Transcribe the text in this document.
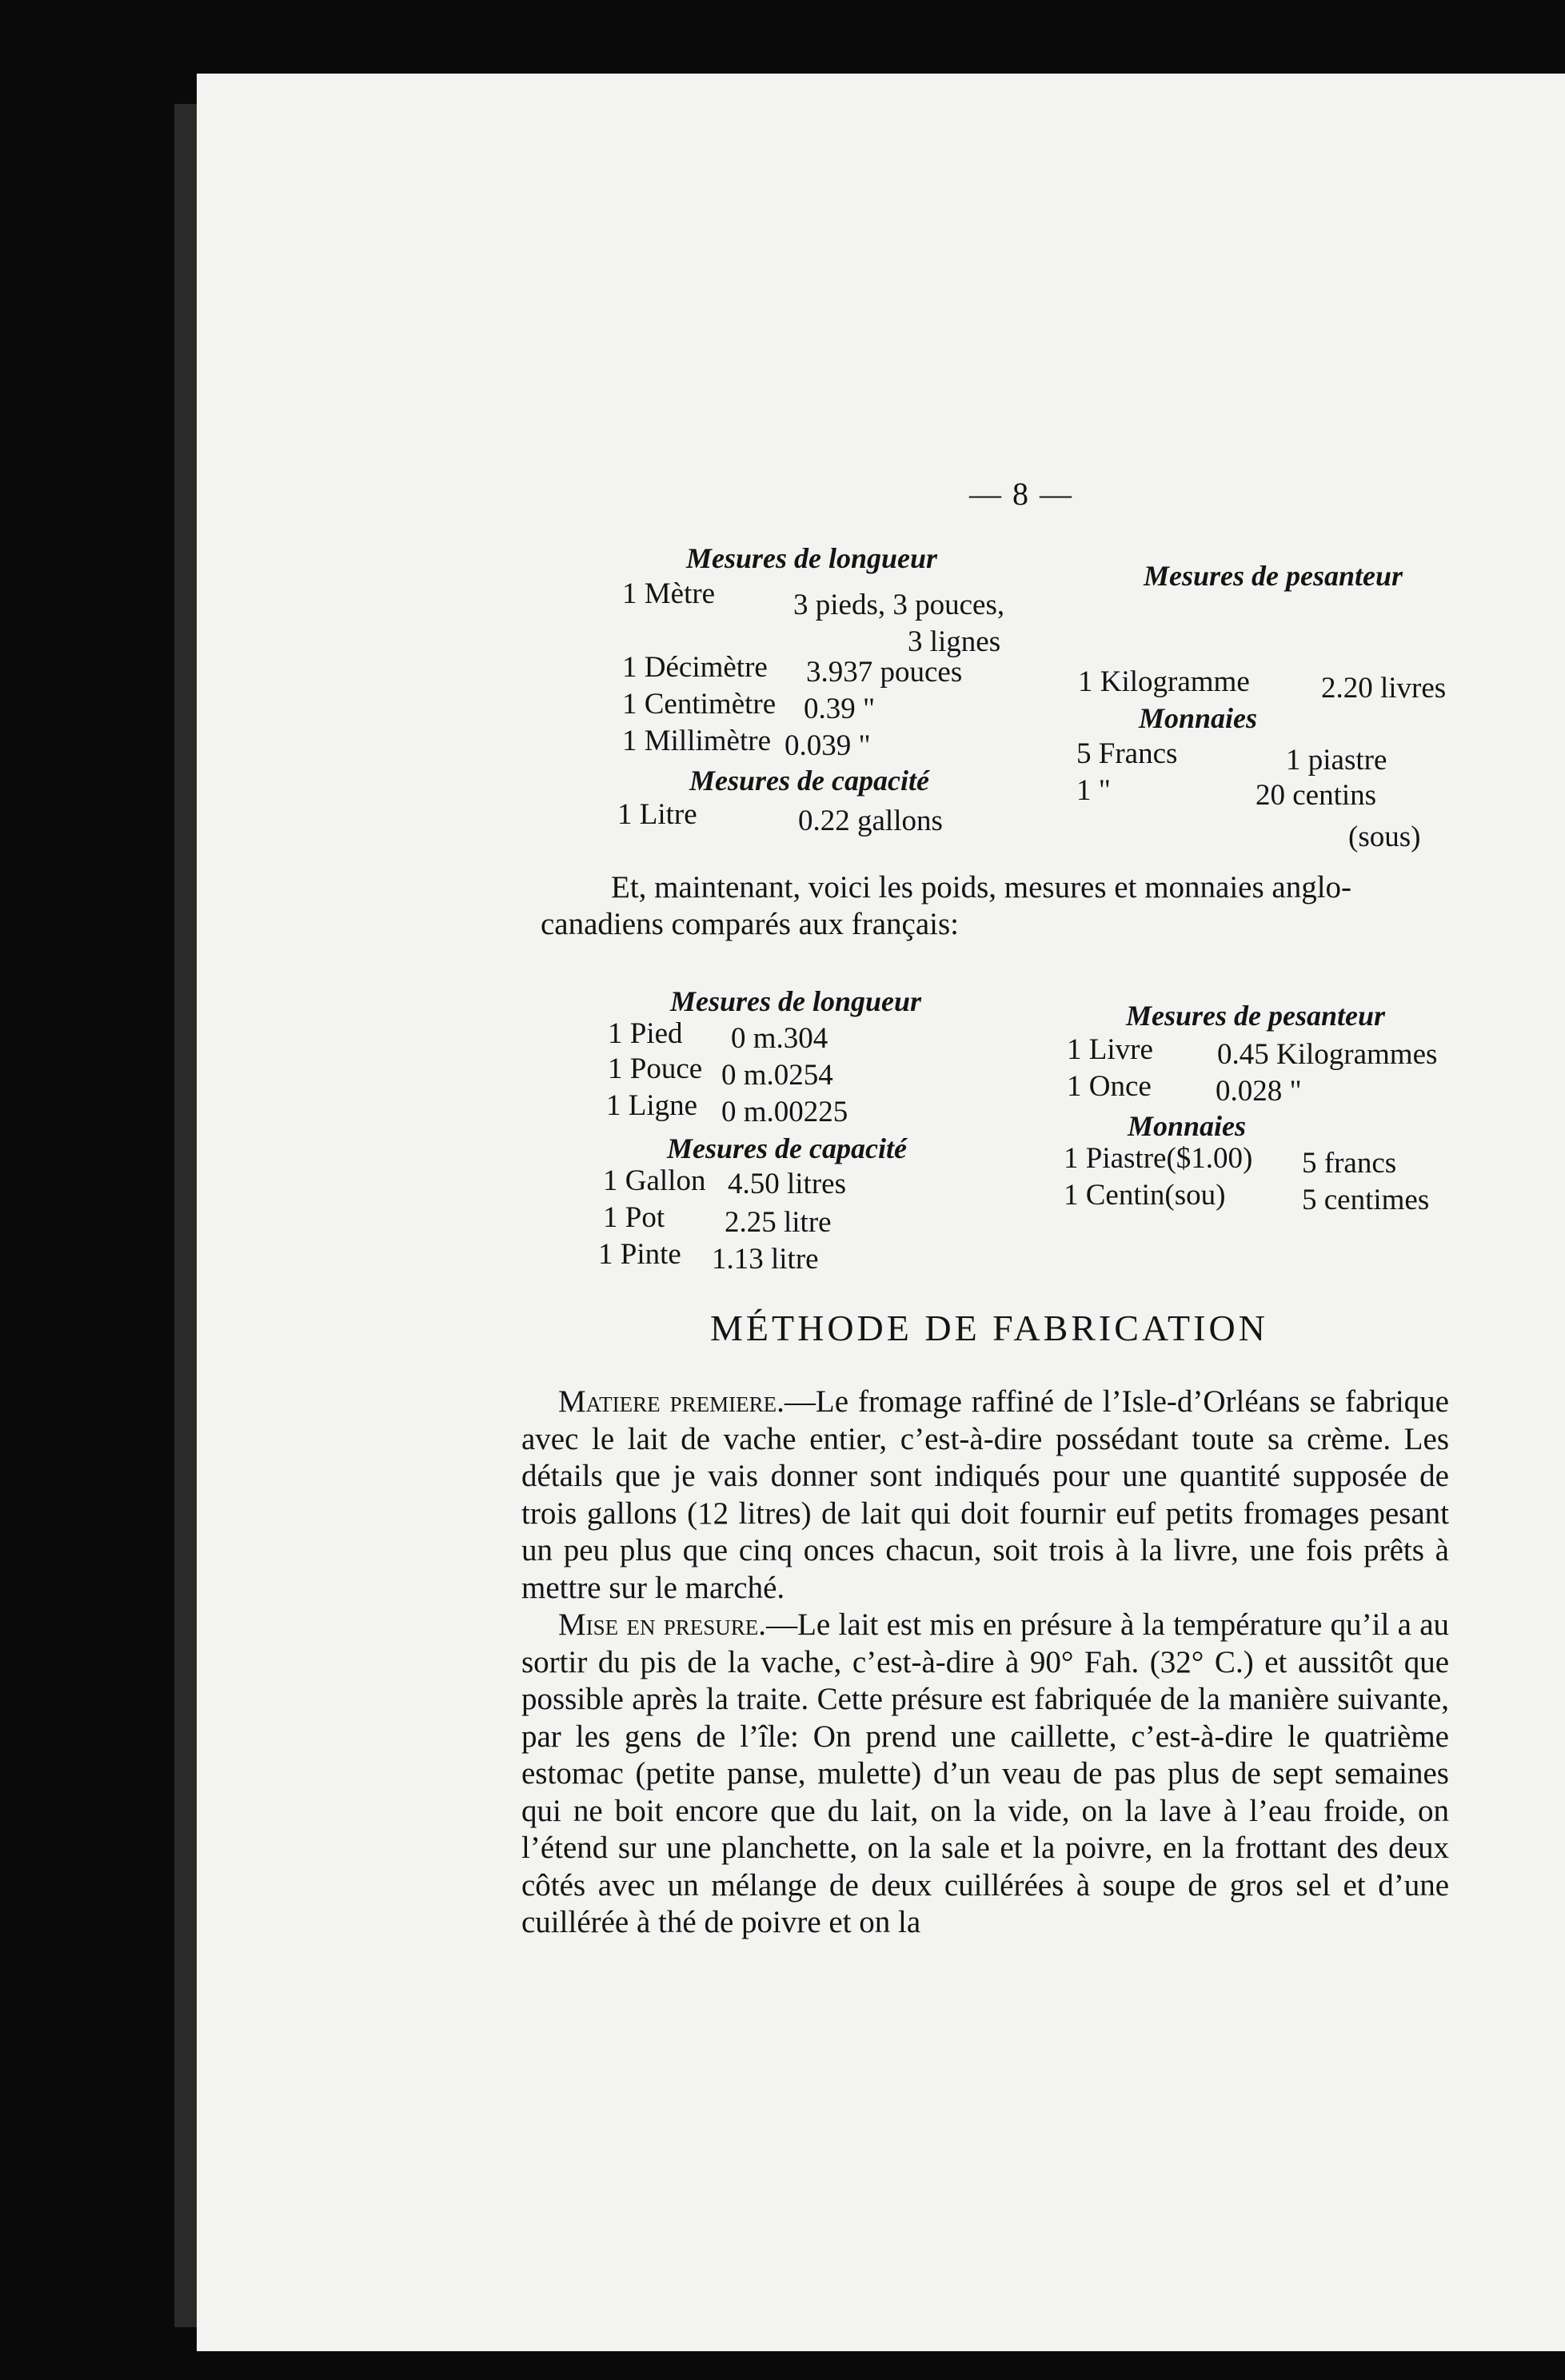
— 8 —
Mesures de longueur
1 Mètre	3 pieds, 3 pouces,
3 lignes
1 Décimètre 3.937 pouces
1 Centimètre 0.39 "
1 Millimètre 0.039 "
Mesures de capacité
1 Litre	0.22 gallons
Mesures de pesanteur
1 Kilogramme 2.20 livres
Monnaies
5 Francs	1 piastre
1 "	20 centins
(sous)
Et, maintenant, voici les poids, mesures et monnaies anglo-
canadiens comparés aux français:
Mesures de longueur
1 Pied 0 m.304
1 Pouce 0 m.0254
1 Ligne 0 m.00225
Mesures de capacité
1 Gallon 4.50 litres
1 Pot 2.25 litre
1 Pinte 1.13 litre
Mesures de pesanteur
1 Livre 0.45 Kilogrammes
1 Once 0.028 "
Monnaies
1 Piastre($1.00) 5 francs
1 Centin(sou)	5 centimes
MÉTHODE DE FABRICATION

Matiere premiere.—Le fromage raffiné de l’Isle-d’Orléans se fabrique avec le lait de vache entier, c’est-à-dire possédant toute sa crème. Les détails que je vais donner sont indiqués pour une quantité supposée de trois gallons (12 litres) de lait qui doit fournir euf petits fromages pesant un peu plus que cinq onces chacun, soit trois à la livre, une fois prêts à mettre sur le marché.

Mise en presure.—Le lait est mis en présure à la température qu’il a au sortir du pis de la vache, c’est-à-dire à 90° Fah. (32° C.) et aussitôt que possible après la traite. Cette présure est fabriquée de la manière suivante, par les gens de l’île: On prend une caillette, c’est-à-dire le quatrième estomac (petite panse, mulette) d’un veau de pas plus de sept semaines qui ne boit encore que du lait, on la vide, on la lave à l’eau froide, on l’étend sur une planchette, on la sale et la poivre, en la frottant des deux côtés avec un mélange de deux cuillérées à soupe de gros sel et d’une cuillérée à thé de poivre et on la
